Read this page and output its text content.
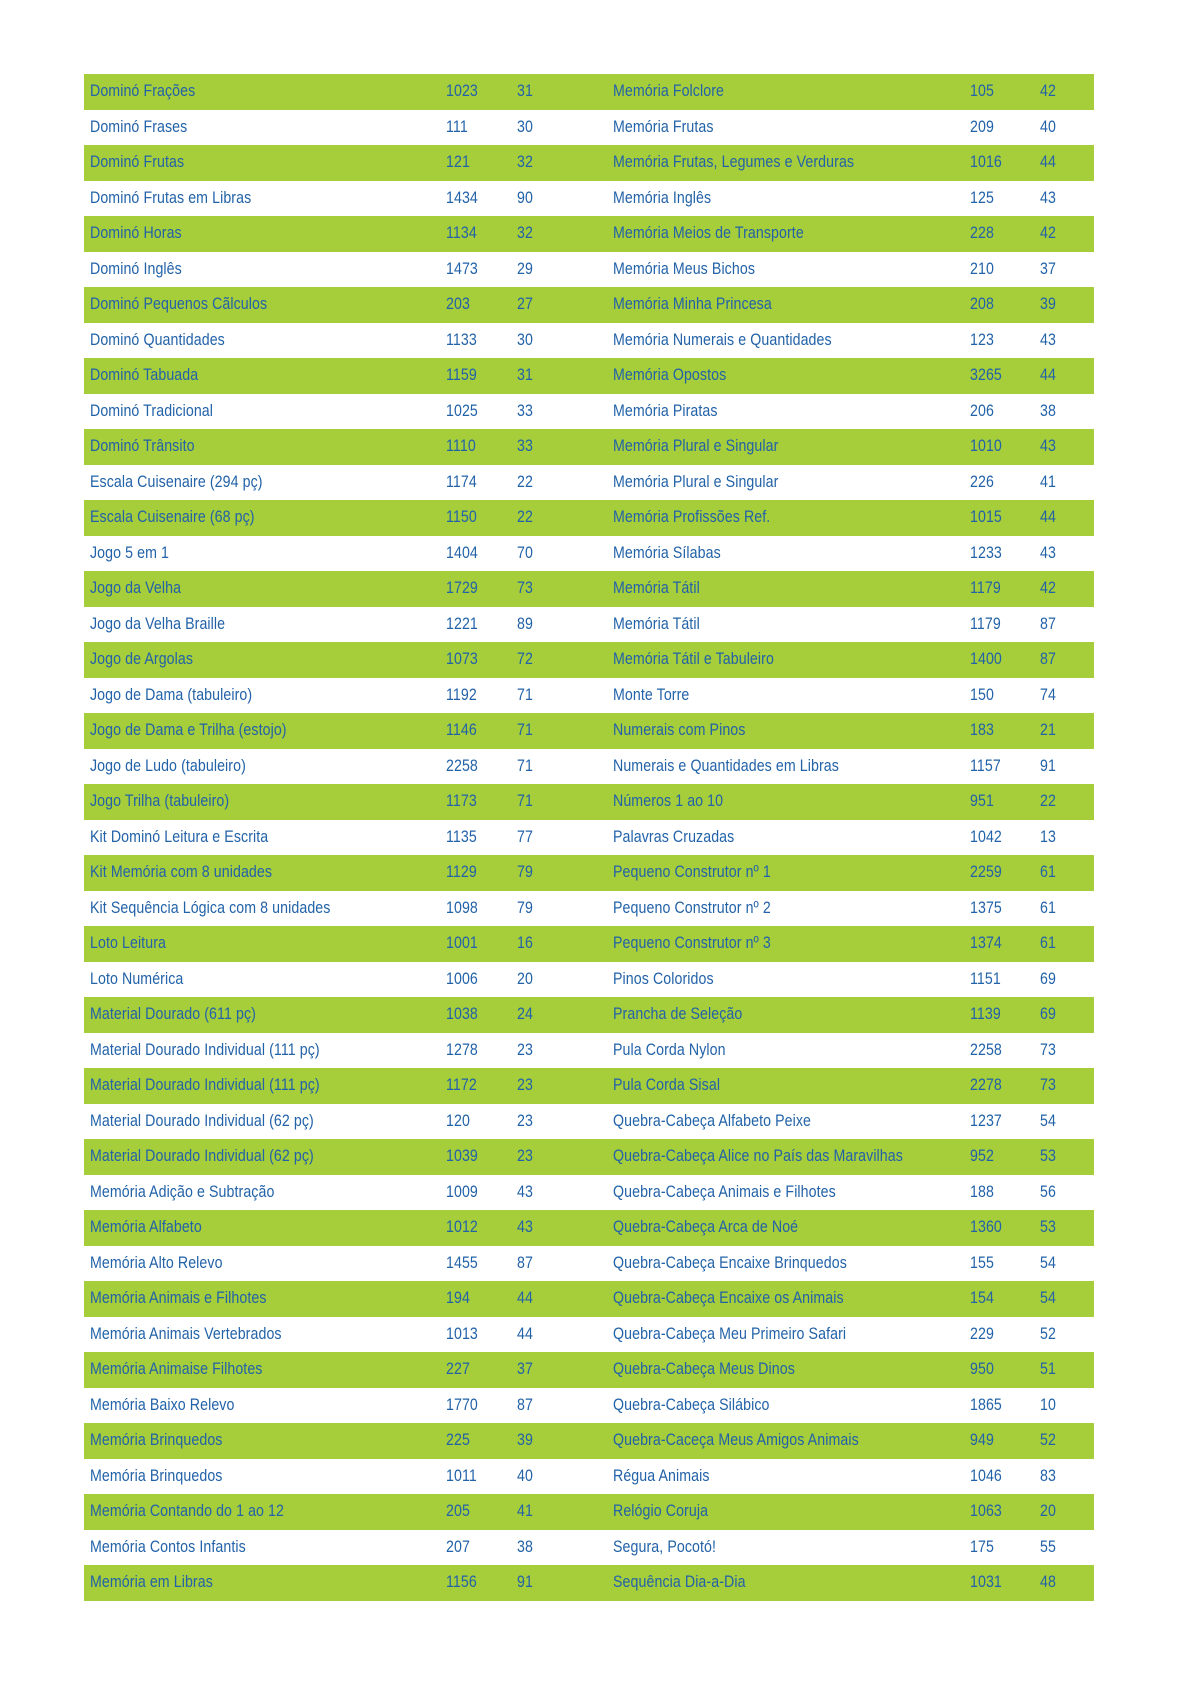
Dominó Frações	1023 31	Memória Folclore	105	42
Dominó Frases	111	30	Memória Frutas	209	40
Dominó Frutas	121	32	Memória Frutas, Legumes e Verduras	1016 44
Dominó Frutas em Libras	1434 90	Memória Inglês	125	43
Dominó Horas	1134 32	Memória Meios de Transporte	228	42
Dominó Inglês	1473 29	Memória Meus Bichos	210	37
Dominó Pequenos Cãlculos	203	27	Memória Minha Princesa	208	39
Dominó Quantidades	1133 30	Memória Numerais e Quantidades	123	43
Dominó Tabuada	1159 31	Memória Opostos	3265 44
Dominó Tradicional	1025 33	Memória Piratas	206	38
Dominó Trânsito	1110 33	Memória Plural e Singular	1010 43
Escala Cuisenaire (294 pç)	1174 22	Memória Plural e Singular	226	41
Escala Cuisenaire (68 pç)	1150 22	Memória Profissões Ref.	1015 44
Jogo 5 em 1	1404 70	Memória Sílabas	1233 43
Jogo da Velha	1729 73	Memória Tátil	1179 42
Jogo da Velha Braille	1221 89	Memória Tátil	1179 87
Jogo de Argolas	1073 72	Memória Tátil e Tabuleiro	1400 87
Jogo de Dama (tabuleiro)	1192 71	Monte Torre	150	74
Jogo de Dama e Trilha (estojo)	1146 71	Numerais com Pinos	183	21
Jogo de Ludo (tabuleiro)	2258 71	Numerais e Quantidades em Libras	1157 91
Jogo Trilha (tabuleiro)	1173 71	Números 1 ao 10	951	22
Kit Dominó Leitura e Escrita	1135 77	Palavras Cruzadas	1042 13
Kit Memória com 8 unidades	1129 79	Pequeno Construtor nº 1	2259 61
Kit Sequência Lógica com 8 unidades	1098 79	Pequeno Construtor nº 2	1375 61
Loto Leitura	1001 16	Pequeno Construtor nº 3	1374 61
Loto Numérica	1006 20	Pinos Coloridos	1151 69
Material Dourado (611 pç)	1038 24	Prancha de Seleção	1139 69
Material Dourado Individual (111 pç)	1278 23	Pula Corda Nylon	2258 73
Material Dourado Individual (111 pç)	1172 23	Pula Corda Sisal	2278 73
Material Dourado Individual (62 pç)	120	23	Quebra-Cabeça Alfabeto Peixe	1237 54
Material Dourado Individual (62 pç)	1039 23	Quebra-Cabeça Alice no País das Maravilhas	952	53
Memória Adição e Subtração	1009 43	Quebra-Cabeça Animais e Filhotes	188	56
Memória Alfabeto	1012 43	Quebra-Cabeça Arca de Noé	1360 53
Memória Alto Relevo	1455 87	Quebra-Cabeça Encaixe Brinquedos	155	54
Memória Animais e Filhotes	194	44	Quebra-Cabeça Encaixe os Animais	154	54
Memória Animais Vertebrados	1013 44	Quebra-Cabeça Meu Primeiro Safari	229	52
Memória Animaise Filhotes	227	37	Quebra-Cabeça Meus Dinos	950	51
Memória Baixo Relevo	1770 87	Quebra-Cabeça Silábico	1865 10
Memória Brinquedos	225	39	Quebra-Caceça Meus Amigos Animais	949	52
Memória Brinquedos	1011 40	Régua Animais	1046 83
Memória Contando do 1 ao 12	205	41	Relógio Coruja	1063 20
Memória Contos Infantis	207	38	Segura, Pocotó!	175	55
Memória em Libras	1156 91	Sequência Dia-a-Dia	1031 48
